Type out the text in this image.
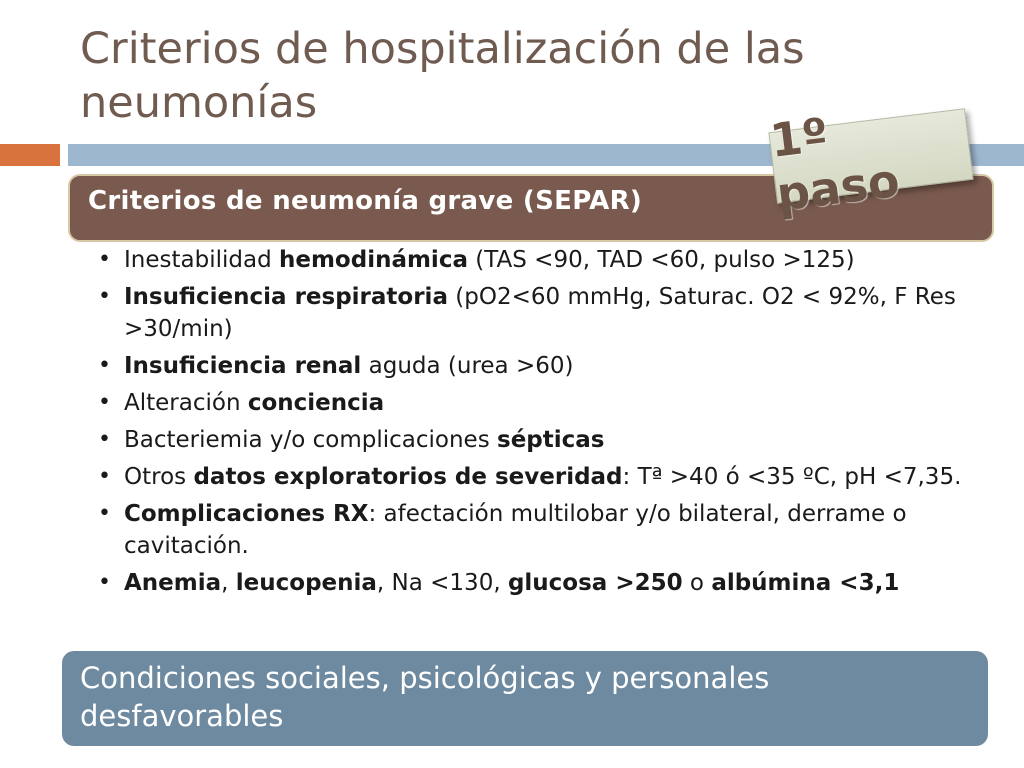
Criterios de hospitalización de las neumonías
Criterios de neumonía grave (SEPAR)
1º paso
• Inestabilidad hemodinámica (TAS <90, TAD <60, pulso >125)
• Insuficiencia respiratoria (pO2<60 mmHg, Saturac. O2 < 92%, F Res >30/min)
• Insuficiencia renal aguda (urea >60)
• Alteración conciencia
• Bacteriemia y/o complicaciones sépticas
• Otros datos exploratorios de severidad: Tª >40 ó <35 ºC, pH <7,35.
• Complicaciones RX: afectación multilobar y/o bilateral, derrame o cavitación.
• Anemia, leucopenia, Na <130, glucosa >250 o albúmina <3,1
Condiciones sociales, psicológicas y personales desfavorables
